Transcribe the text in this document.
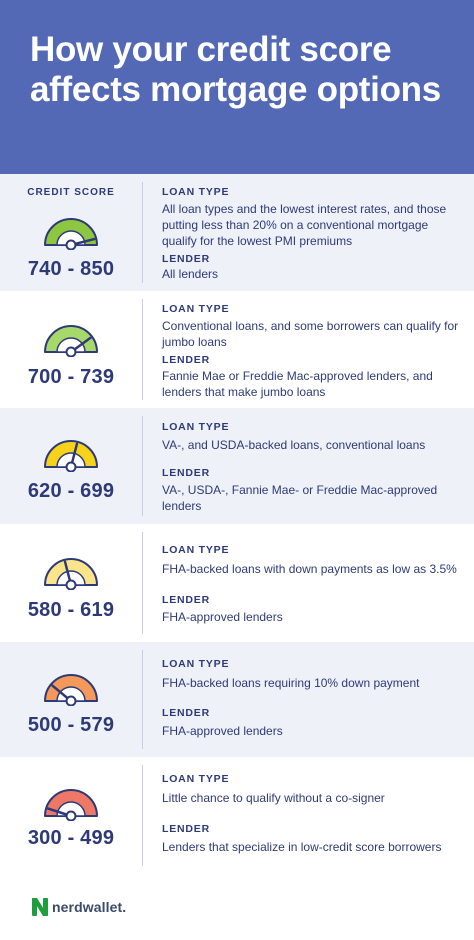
How your credit score affects mortgage options
CREDIT SCORE
740 - 850
LOAN TYPE
All loan types and the lowest interest rates, and those putting less than 20% on a conventional mortgage qualify for the lowest PMI premiums
LENDER
All lenders
700 - 739
LOAN TYPE
Conventional loans, and some borrowers can qualify for jumbo loans
LENDER
Fannie Mae or Freddie Mac-approved lenders, and lenders that make jumbo loans
620 - 699
LOAN TYPE
VA-, and USDA-backed loans, conventional loans
LENDER
VA-, USDA-, Fannie Mae- or Freddie Mac-approved lenders
580 - 619
LOAN TYPE
FHA-backed loans with down payments as low as 3.5%
LENDER
FHA-approved lenders
500 - 579
LOAN TYPE
FHA-backed loans requiring 10% down payment
LENDER
FHA-approved lenders
300 - 499
LOAN TYPE
Little chance to qualify without a co-signer
LENDER
Lenders that specialize in low-credit score borrowers
nerdwallet.
